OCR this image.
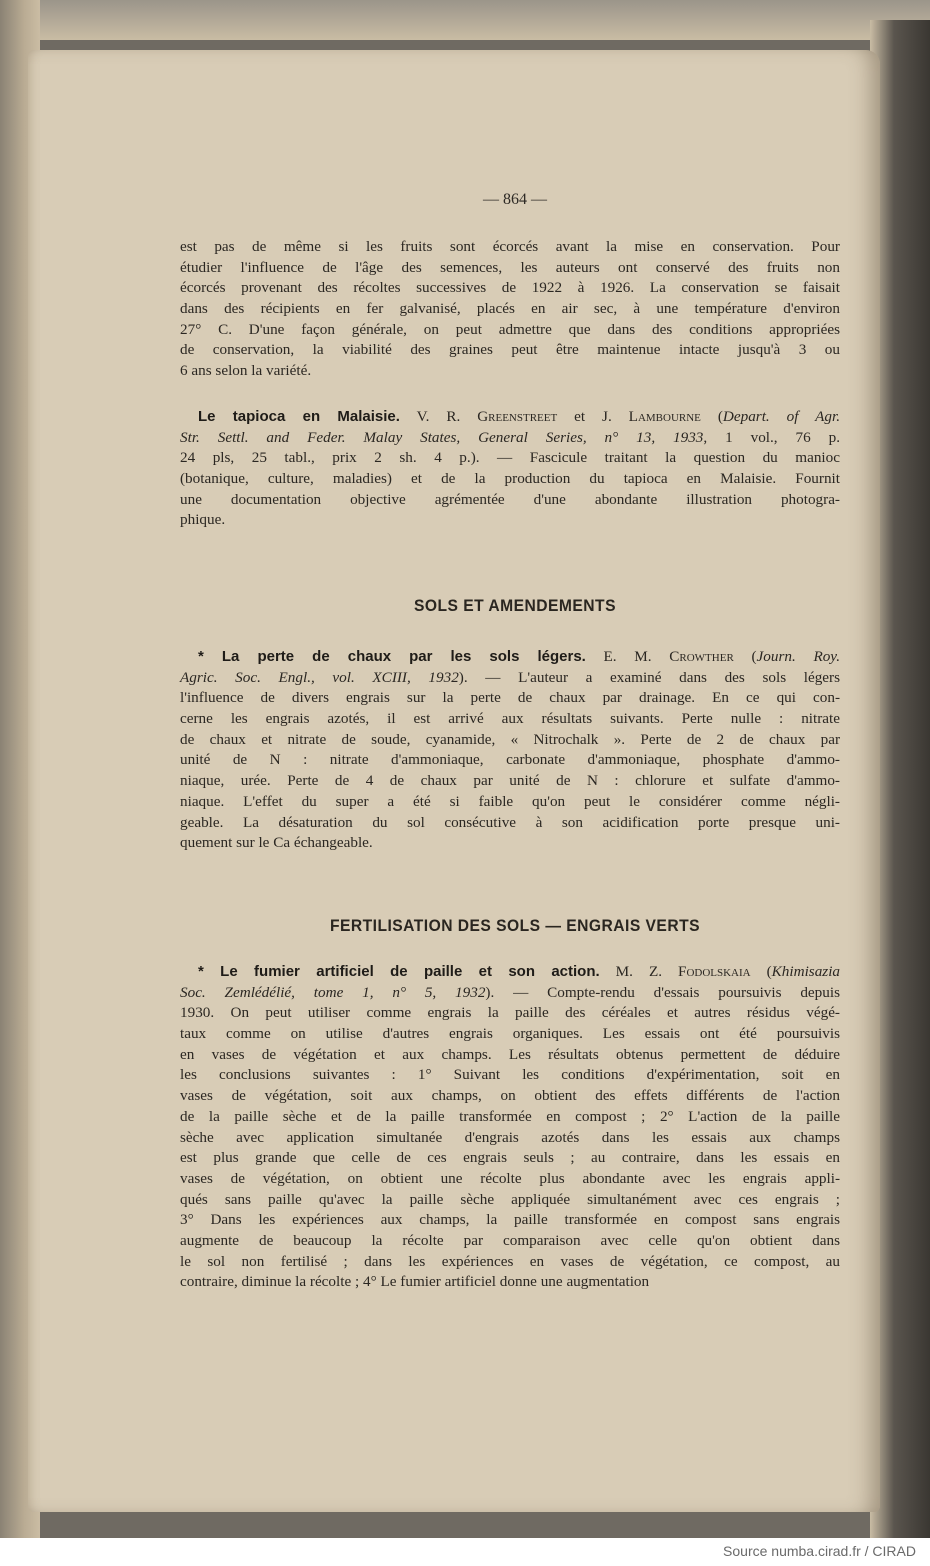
— 864 —
est pas de même si les fruits sont écorcés avant la mise en conservation. Pour
étudier l'influence de l'âge des semences, les auteurs ont conservé des fruits non
écorcés provenant des récoltes successives de 1922 à 1926. La conservation se faisait
dans des récipients en fer galvanisé, placés en air sec, à une température d'environ
27° C. D'une façon générale, on peut admettre que dans des conditions appropriées
de conservation, la viabilité des graines peut être maintenue intacte jusqu'à 3 ou
6 ans selon la variété.
Le tapioca en Malaisie. V. R. Greenstreet et J. Lambourne (Depart. of Agr.
Str. Settl. and Feder. Malay States, General Series, n° 13, 1933, 1 vol., 76 p.
24 pls, 25 tabl., prix 2 sh. 4 p.). — Fascicule traitant la question du manioc
(botanique, culture, maladies) et de la production du tapioca en Malaisie. Fournit
une documentation objective agrémentée d'une abondante illustration photogra-
phique.
SOLS ET AMENDEMENTS
* La perte de chaux par les sols légers. E. M. Crowther (Journ. Roy.
Agric. Soc. Engl., vol. XCIII, 1932). — L'auteur a examiné dans des sols légers
l'influence de divers engrais sur la perte de chaux par drainage. En ce qui con-
cerne les engrais azotés, il est arrivé aux résultats suivants. Perte nulle : nitrate
de chaux et nitrate de soude, cyanamide, « Nitrochalk ». Perte de 2 de chaux par
unité de N : nitrate d'ammoniaque, carbonate d'ammoniaque, phosphate d'ammo-
niaque, urée. Perte de 4 de chaux par unité de N : chlorure et sulfate d'ammo-
niaque. L'effet du super a été si faible qu'on peut le considérer comme négli-
geable. La désaturation du sol consécutive à son acidification porte presque uni-
quement sur le Ca échangeable.
FERTILISATION DES SOLS — ENGRAIS VERTS
* Le fumier artificiel de paille et son action. M. Z. Fodolskaia (Khimisazia
Soc. Zemlédélié, tome 1, n° 5, 1932). — Compte-rendu d'essais poursuivis depuis
1930. On peut utiliser comme engrais la paille des céréales et autres résidus végé-
taux comme on utilise d'autres engrais organiques. Les essais ont été poursuivis
en vases de végétation et aux champs. Les résultats obtenus permettent de déduire
les conclusions suivantes : 1° Suivant les conditions d'expérimentation, soit en
vases de végétation, soit aux champs, on obtient des effets différents de l'action
de la paille sèche et de la paille transformée en compost ; 2° L'action de la paille
sèche avec application simultanée d'engrais azotés dans les essais aux champs
est plus grande que celle de ces engrais seuls ; au contraire, dans les essais en
vases de végétation, on obtient une récolte plus abondante avec les engrais appli-
qués sans paille qu'avec la paille sèche appliquée simultanément avec ces engrais ;
3° Dans les expériences aux champs, la paille transformée en compost sans engrais
augmente de beaucoup la récolte par comparaison avec celle qu'on obtient dans
le sol non fertilisé ; dans les expériences en vases de végétation, ce compost, au
contraire, diminue la récolte ; 4° Le fumier artificiel donne une augmentation
Source numba.cirad.fr / CIRAD
